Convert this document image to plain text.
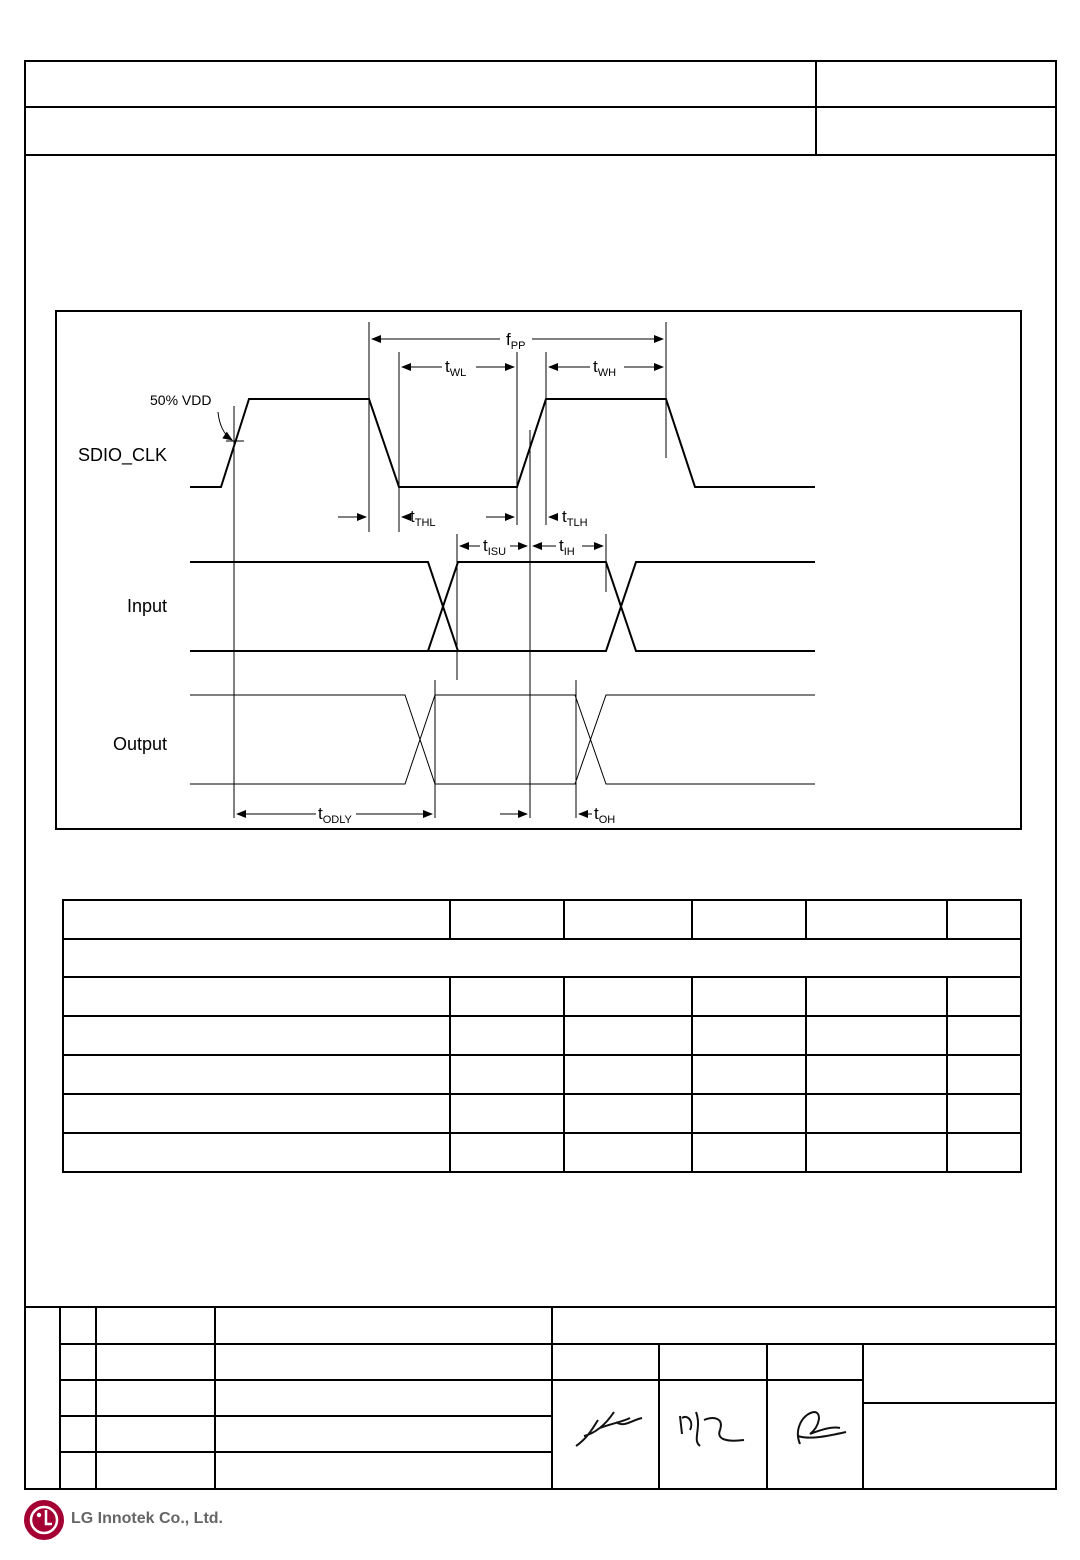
SDIO_CLK
Input
Output
50% VDD
$f_{PP}$
$t_{WL}$	$t_{WH}$
$t_{THL}$	$t_{TLH}$
$t_{ISU}$	$t_{IH}$
$t_{ODLY}$	$t_{OH}$

LG Innotek Co., Ltd.
